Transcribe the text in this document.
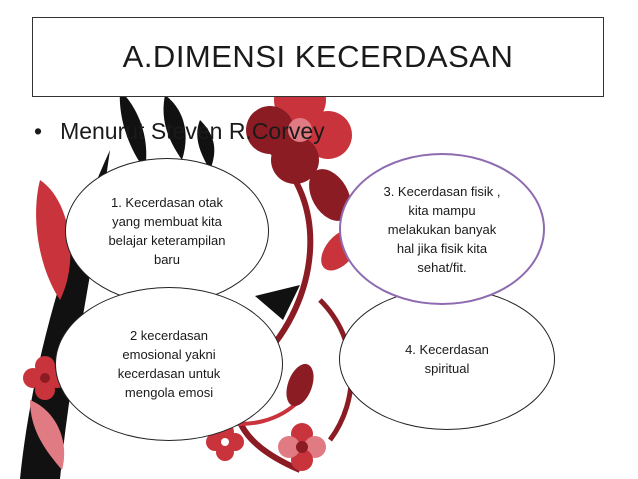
A.DIMENSI KECERDASAN
• Menurut Steven R.Corvey
1. Kecerdasan otak
yang membuat kita
belajar keterampilan
baru
2 kecerdasan
emosional yakni
kecerdasan untuk
mengola emosi
4. Kecerdasan
spiritual
3. Kecerdasan fisik ,
kita mampu
melakukan banyak
hal jika fisik kita
sehat/fit.
